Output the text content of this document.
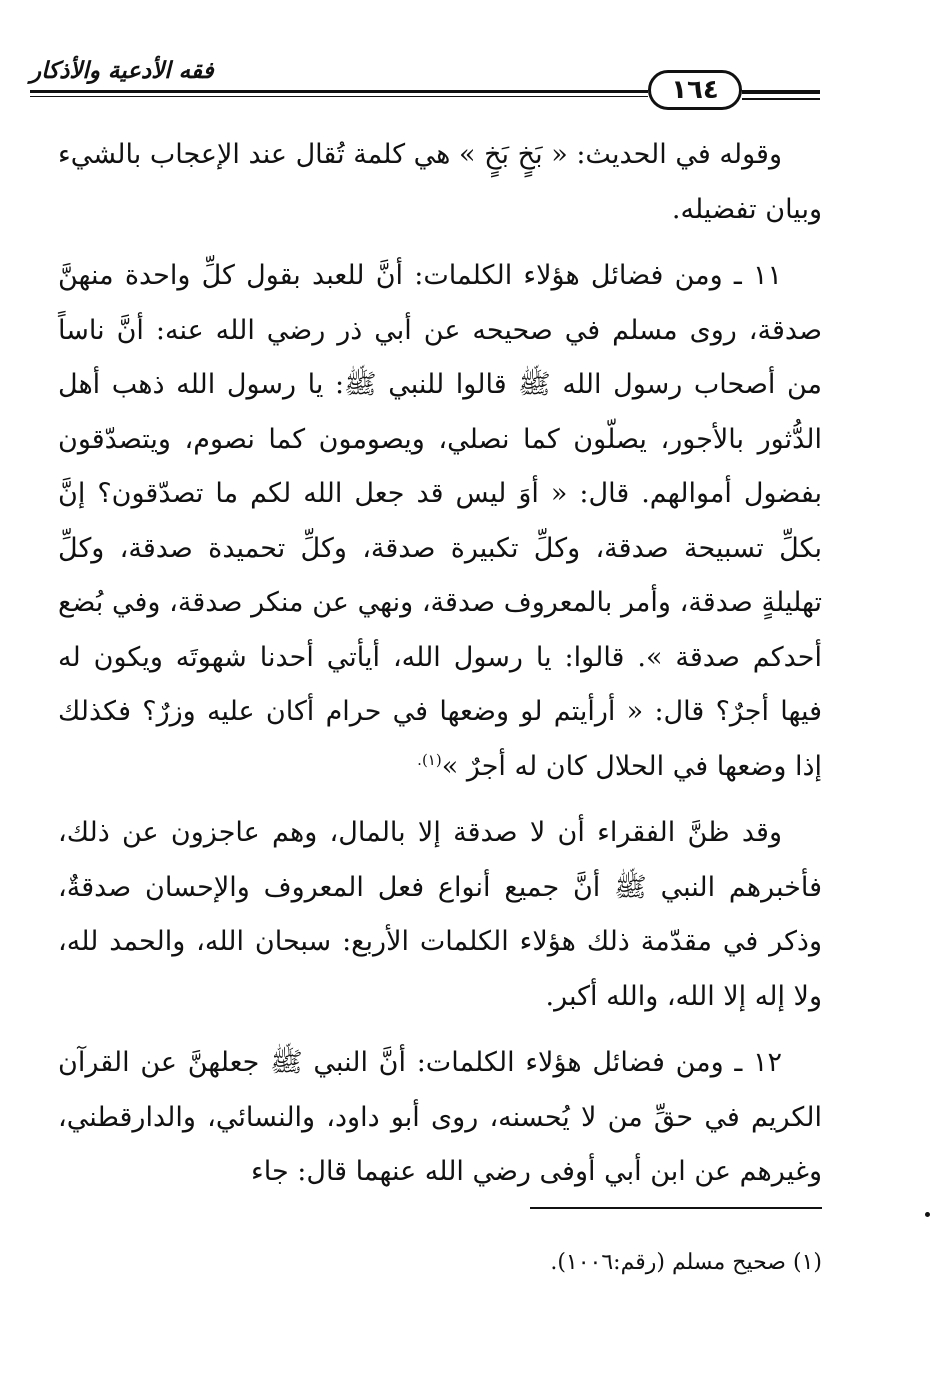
فقه الأدعية والأذكار
١٦٤

وقوله في الحديث: « بَخٍ بَخٍ » هي كلمة تُقال عند الإعجاب بالشيء وبيان تفضيله.

١١ ـ ومن فضائل هؤلاء الكلمات: أنَّ للعبد بقول كلِّ واحدة منهنَّ صدقة، روى مسلم في صحيحه عن أبي ذر رضي الله عنه: أنَّ ناساً من أصحاب رسول الله ﷺ قالوا للنبي ﷺ: يا رسول الله ذهب أهل الدُّثور بالأجور، يصلّون كما نصلي، ويصومون كما نصوم، ويتصدّقون بفضول أموالهم. قال: « أوَ ليس قد جعل الله لكم ما تصدّقون؟ إنَّ بكلِّ تسبيحة صدقة، وكلِّ تكبيرة صدقة، وكلِّ تحميدة صدقة، وكلِّ تهليلةٍ صدقة، وأمر بالمعروف صدقة، ونهي عن منكر صدقة، وفي بُضع أحدكم صدقة ». قالوا: يا رسول الله، أيأتي أحدنا شهوتَه ويكون له فيها أجرٌ؟ قال: « أرأيتم لو وضعها في حرام أكان عليه وزرٌ؟ فكذلك إذا وضعها في الحلال كان له أجرٌ »$^{(١).}$

وقد ظنَّ الفقراء أن لا صدقة إلا بالمال، وهم عاجزون عن ذلك، فأخبرهم النبي ﷺ أنَّ جميع أنواع فعل المعروف والإحسان صدقةٌ، وذكر في مقدّمة ذلك هؤلاء الكلمات الأربع: سبحان الله، والحمد لله، ولا إله إلا الله، والله أكبر.

١٢ ـ ومن فضائل هؤلاء الكلمات: أنَّ النبي ﷺ جعلهنَّ عن القرآن الكريم في حقِّ من لا يُحسنه، روى أبو داود، والنسائي، والدارقطني، وغيرهم عن ابن أبي أوفى رضي الله عنهما قال: جاء

(١) صحيح مسلم (رقم:١٠٠٦).
